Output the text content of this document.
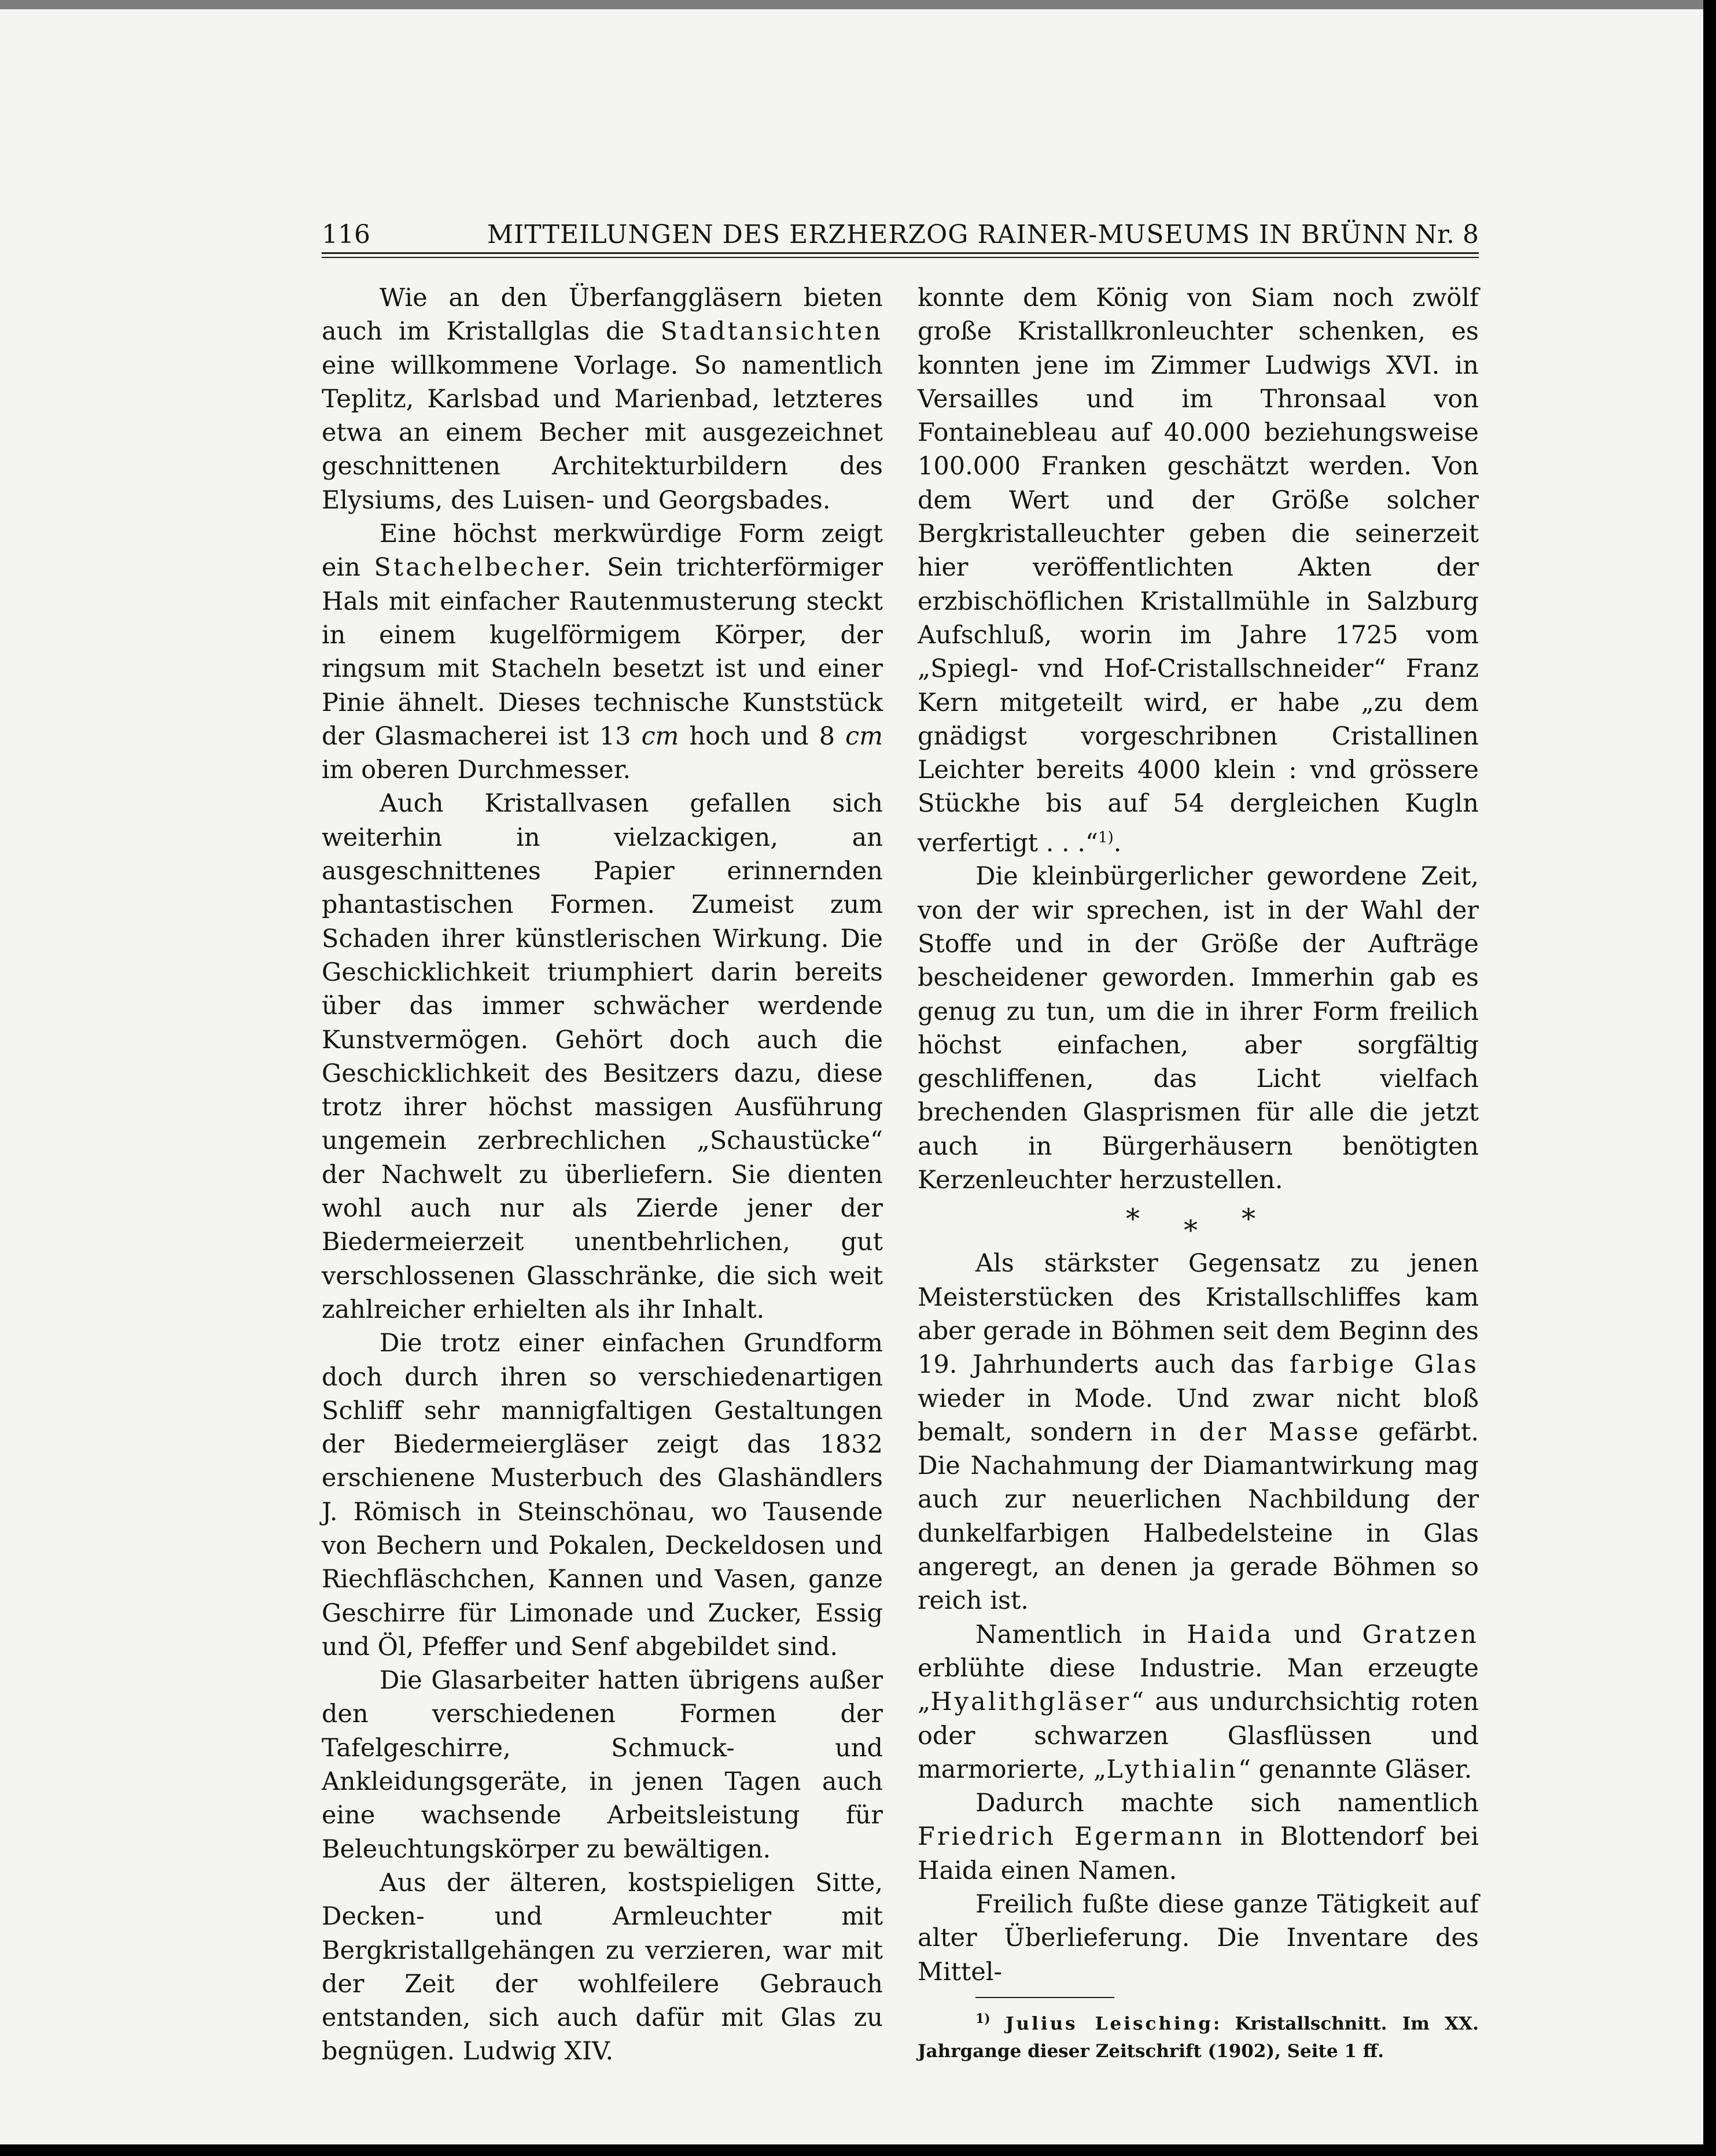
116	MITTEILUNGEN DES ERZHERZOG RAINER-MUSEUMS IN BRÜNN Nr. 8

Wie an den Überfanggläsern bieten auch im Kristallglas die Stadtansichten eine willkommene Vorlage. So namentlich Teplitz, Karlsbad und Marienbad, letzteres etwa an einem Becher mit ausgezeichnet geschnittenen Architekturbildern des Elysiums, des Luisen- und Georgsbades.

Eine höchst merkwürdige Form zeigt ein Stachelbecher. Sein trichterförmiger Hals mit einfacher Rautenmusterung steckt in einem kugelförmigem Körper, der ringsum mit Stacheln besetzt ist und einer Pinie ähnelt. Dieses technische Kunststück der Glasmacherei ist 13 cm hoch und 8 cm im oberen Durchmesser.

Auch Kristallvasen gefallen sich weiterhin in vielzackigen, an ausgeschnittenes Papier erinnernden phantastischen Formen. Zumeist zum Schaden ihrer künstlerischen Wirkung. Die Geschicklichkeit triumphiert darin bereits über das immer schwächer werdende Kunstvermögen. Gehört doch auch die Geschicklichkeit des Besitzers dazu, diese trotz ihrer höchst massigen Ausführung ungemein zerbrechlichen „Schaustücke“ der Nachwelt zu überliefern. Sie dienten wohl auch nur als Zierde jener der Biedermeierzeit unentbehrlichen, gut verschlossenen Glasschränke, die sich weit zahlreicher erhielten als ihr Inhalt.

Die trotz einer einfachen Grundform doch durch ihren so verschiedenartigen Schliff sehr mannigfaltigen Gestaltungen der Biedermeiergläser zeigt das 1832 erschienene Musterbuch des Glashändlers J. Römisch in Steinschönau, wo Tausende von Bechern und Pokalen, Deckeldosen und Riechfläschchen, Kannen und Vasen, ganze Geschirre für Limonade und Zucker, Essig und Öl, Pfeffer und Senf abgebildet sind.

Die Glasarbeiter hatten übrigens außer den verschiedenen Formen der Tafelgeschirre, Schmuck- und Ankleidungsgeräte, in jenen Tagen auch eine wachsende Arbeitsleistung für Beleuchtungskörper zu bewältigen.

Aus der älteren, kostspieligen Sitte, Decken- und Armleuchter mit Bergkristallgehängen zu verzieren, war mit der Zeit der wohlfeilere Gebrauch entstanden, sich auch dafür mit Glas zu begnügen. Ludwig XIV.

konnte dem König von Siam noch zwölf große Kristallkronleuchter schenken, es konnten jene im Zimmer Ludwigs XVI. in Versailles und im Thronsaal von Fontainebleau auf 40.000 beziehungsweise 100.000 Franken geschätzt werden. Von dem Wert und der Größe solcher Bergkristalleuchter geben die seinerzeit hier veröffentlichten Akten der erzbischöflichen Kristallmühle in Salzburg Aufschluß, worin im Jahre 1725 vom „Spiegl- vnd Hof-Cristallschneider“ Franz Kern mitgeteilt wird, er habe „zu dem gnädigst vorgeschribnen Cristallinen Leichter bereits 4000 klein : vnd grössere Stückhe bis auf 54 dergleichen Kugln verfertigt . . .“$^{1)}$.

Die kleinbürgerlicher gewordene Zeit, von der wir sprechen, ist in der Wahl der Stoffe und in der Größe der Aufträge bescheidener geworden. Immerhin gab es genug zu tun, um die in ihrer Form freilich höchst einfachen, aber sorgfältig geschliffenen, das Licht vielfach brechenden Glasprismen für alle die jetzt auch in Bürgerhäusern benötigten Kerzenleuchter herzustellen.

* * *

Als stärkster Gegensatz zu jenen Meisterstücken des Kristallschliffes kam aber gerade in Böhmen seit dem Beginn des 19. Jahrhunderts auch das farbige Glas wieder in Mode. Und zwar nicht bloß bemalt, sondern in der Masse gefärbt. Die Nachahmung der Diamantwirkung mag auch zur neuerlichen Nachbildung der dunkelfarbigen Halbedelsteine in Glas angeregt, an denen ja gerade Böhmen so reich ist.

Namentlich in Haida und Gratzen erblühte diese Industrie. Man erzeugte „Hyalithgläser“ aus undurchsichtig roten oder schwarzen Glasflüssen und marmorierte, „Lythialin“ genannte Gläser.

Dadurch machte sich namentlich Friedrich Egermann in Blottendorf bei Haida einen Namen.

Freilich fußte diese ganze Tätigkeit auf alter Überlieferung. Die Inventare des Mittel-

$^{1)}$ Julius Leisching: Kristallschnitt. Im XX. Jahrgange dieser Zeitschrift (1902), Seite 1 ff.
